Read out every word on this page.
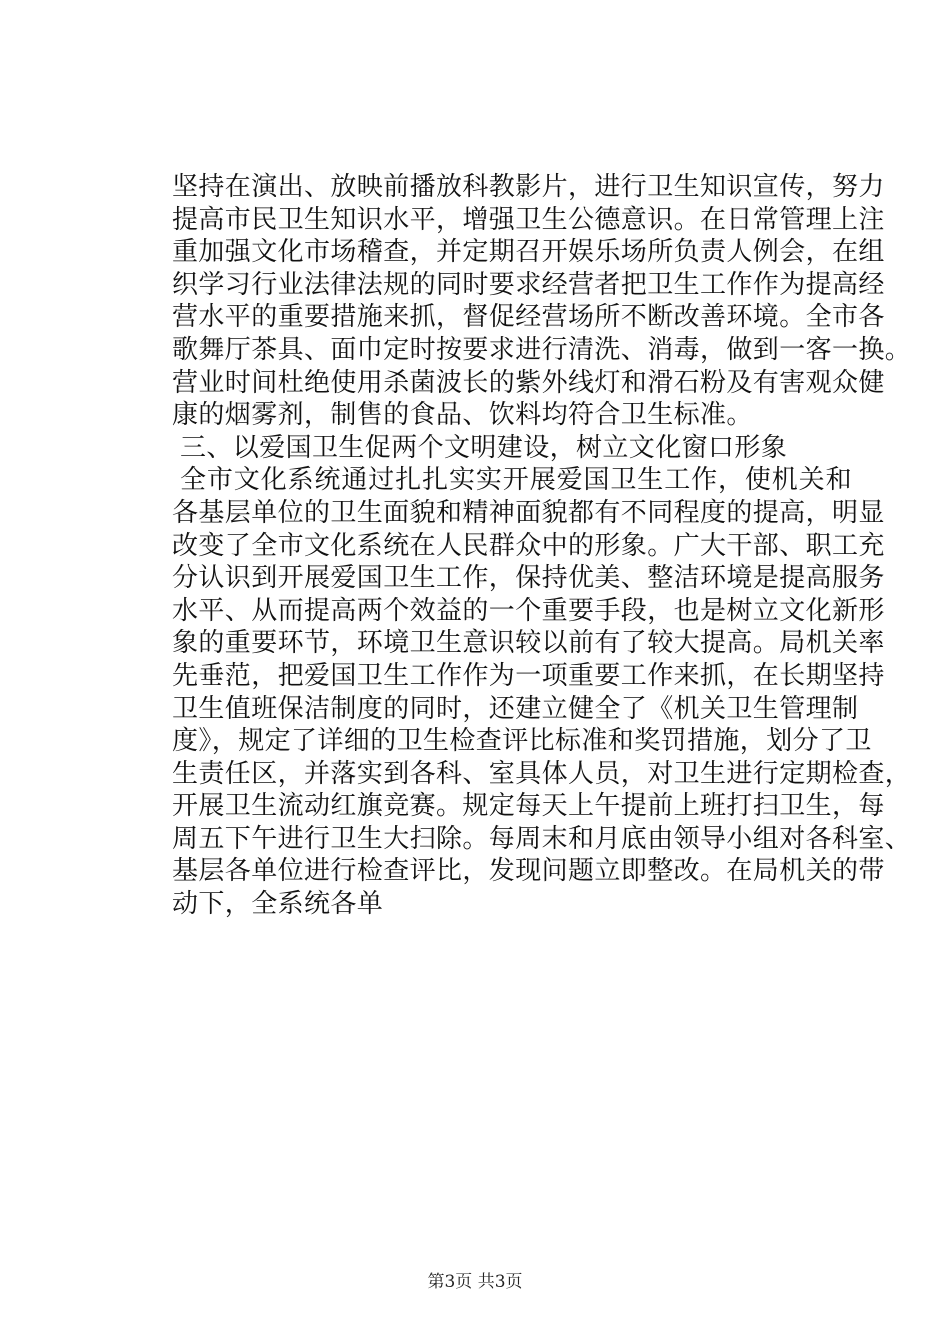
坚持在演出、放映前播放科教影片，进行卫生知识宣传，努力
提高市民卫生知识水平，增强卫生公德意识。在日常管理上注
重加强文化市场稽查，并定期召开娱乐场所负责人例会，在组
织学习行业法律法规的同时要求经营者把卫生工作作为提高经
营水平的重要措施来抓，督促经营场所不断改善环境。全市各
歌舞厅茶具、面巾定时按要求进行清洗、消毒，做到一客一换。
营业时间杜绝使用杀菌波长的紫外线灯和滑石粉及有害观众健
康的烟雾剂，制售的食品、饮料均符合卫生标准。
三、以爱国卫生促两个文明建设，树立文化窗口形象
全市文化系统通过扎扎实实开展爱国卫生工作，使机关和
各基层单位的卫生面貌和精神面貌都有不同程度的提高，明显
改变了全市文化系统在人民群众中的形象。广大干部、职工充
分认识到开展爱国卫生工作，保持优美、整洁环境是提高服务
水平、从而提高两个效益的一个重要手段，也是树立文化新形
象的重要环节，环境卫生意识较以前有了较大提高。局机关率
先垂范，把爱国卫生工作作为一项重要工作来抓，在长期坚持
卫生值班保洁制度的同时，还建立健全了《机关卫生管理制
度》，规定了详细的卫生检查评比标准和奖罚措施，划分了卫
生责任区，并落实到各科、室具体人员，对卫生进行定期检查，
开展卫生流动红旗竞赛。规定每天上午提前上班打扫卫生，每
周五下午进行卫生大扫除。每周末和月底由领导小组对各科室、
基层各单位进行检查评比，发现问题立即整改。在局机关的带
动下，全系统各单
第3页 共3页
